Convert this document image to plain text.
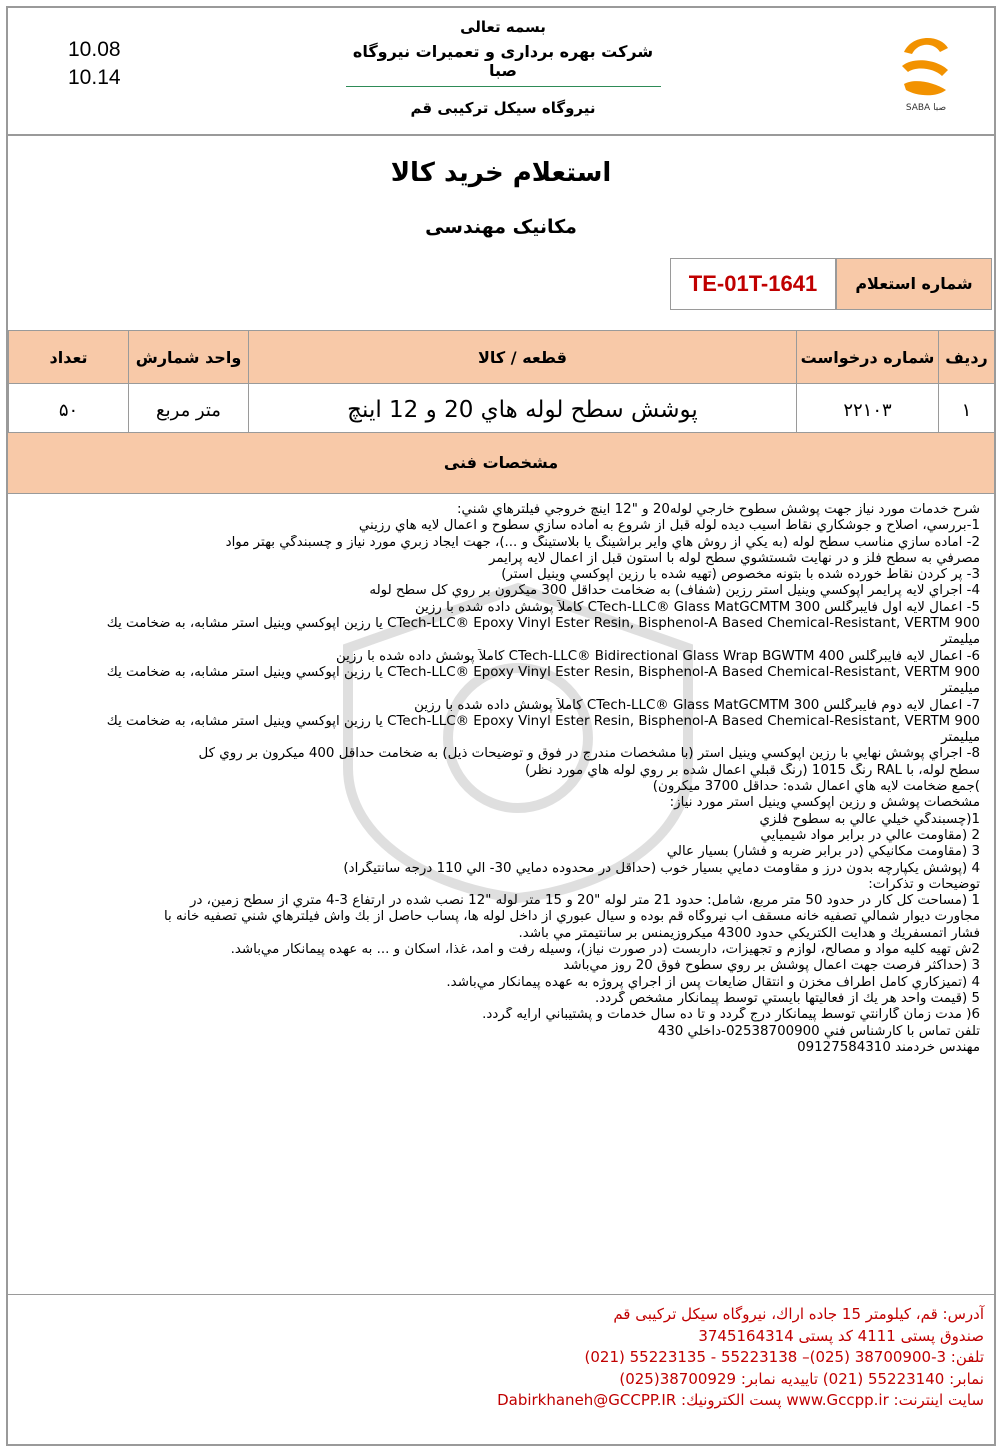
10.08
10.14
بسمه تعالی
شرکت بهره برداری و تعمیرات نیروگاه صبا
نیروگاه سیکل ترکیبی قم	SABA صبا
استعلام خرید کالا
مکانیک مهندسی
شماره استعلام
TE-01T-1641
ردیف	شماره درخواست	قطعه / کالا	واحد شمارش	تعداد
۱	۲۲۱۰۳	پوشش سطح لوله هاي 20 و 12 اينچ	متر مربع	۵۰
مشخصات فنی
شرح خدمات مورد نياز جهت پوشش سطوح خارجي لوله20 و "12 اينچ خروجي فيلترهاي شني:
1-بررسي، اصلاح و جوشكاري نقاط آسيب ديده لوله قبل از شروع به آماده سازي سطوح و اعمال لايه هاي رزيني
2- آماده سازي مناسب سطح لوله (به يكي از روش هاي واير براشينگ يا بلاستينگ و ...)، جهت ايجاد زبري مورد نياز و چسبندگي بهتر مواد
مصرفي به سطح فلز و در نهايت شستشوي سطح لوله با استون قبل از اعمال لايه پرايمر
3- پر كردن نقاط خورده شده با بتونه مخصوص (تهيه شده با رزين اپوكسي وينيل استر)
4- اجراي لايه پرايمر اپوكسي وينيل استر رزين (شفاف) به ضخامت حداقل 300 ميكرون بر روي كل سطح لوله
5- اعمال لايه اول فايبرگلس CTech-LLC® Glass MatGCMTM 300 كاملاً پوشش داده شده با رزين
CTech-LLC® Epoxy Vinyl Ester Resin, Bisphenol-A Based Chemical-Resistant, VERTM 900 يا رزين اپوكسي وينيل استر مشابه، به ضخامت يك
ميليمتر
6- اعمال لايه فايبرگلس CTech-LLC® Bidirectional Glass Wrap BGWTM 400 كاملاً پوشش داده شده با رزين
CTech-LLC® Epoxy Vinyl Ester Resin, Bisphenol-A Based Chemical-Resistant, VERTM 900 يا رزين اپوكسي وينيل استر مشابه، به ضخامت يك
ميليمتر
7- اعمال لايه دوم فايبرگلس CTech-LLC® Glass MatGCMTM 300 كاملاً پوشش داده شده با رزين
CTech-LLC® Epoxy Vinyl Ester Resin, Bisphenol-A Based Chemical-Resistant, VERTM 900 يا رزين اپوكسي وينيل استر مشابه، به ضخامت يك
ميليمتر
8- اجراي پوشش نهايي با رزين اپوكسي وينيل استر (با مشخصات مندرج در فوق و توضيحات ذيل) به ضخامت حداقل 400 ميكرون بر روي كل
سطح لوله، با RAL رنگ 1015 (رنگ قبلي اعمال شده بر روي لوله هاي مورد نظر)
)جمع ضخامت لايه هاي اعمال شده: حداقل 3700 ميكرون)
مشخصات پوشش و رزين اپوكسي وينيل استر مورد نياز:
1(چسبندگي خيلي عالي به سطوح فلزي
2 (مقاومت عالي در برابر مواد شيميايي
3 (مقاومت مكانيكي (در برابر ضربه و فشار) بسيار عالي
4 (پوشش يكپارچه بدون درز و مقاومت دمايي بسيار خوب (حداقل در محدوده دمايي 30- الي 110 درجه سانتيگراد)
توضيحات و تذكرات:
1 (مساحت كل كار در حدود 50 متر مربع، شامل: حدود 21 متر لوله "20 و 15 متر لوله "12 نصب شده در ارتفاع 3-4 متري از سطح زمين، در
مجاورت ديوار شمالي تصفيه خانه مسقف آب نيروگاه قم بوده و سيال عبوري از داخل لوله ها، پساب حاصل از بك واش فيلترهاي شني تصفيه خانه با
فشار اتمسفريك و هدايت الكتريكي حدود 4300 ميكروزيمنس بر سانتيمتر مي باشد.
2ش تهيه كليه مواد و مصالح، لوازم و تجهيزات، داربست (در صورت نياز)، وسيله رفت و آمد، غذا، اسكان و ... به عهده پيمانكار مي‌باشد.
3 (حداكثر فرصت جهت اعمال پوشش بر روي سطوح فوق 20 روز مي‌باشد
4 (تميزكاري كامل اطراف مخزن و انتقال ضايعات پس از اجراي پروژه به عهده پيمانكار مي‌باشد.
5 (قيمت واحد هر يك از فعاليتها بايستي توسط پيمانكار مشخص گردد.
6( مدت زمان گارانتي توسط پيمانكار درج گردد و تا ده سال خدمات و پشتيباني ارايه گردد.
تلفن تماس با كارشناس فني 02538700900-داخلي 430
مهندس خردمند 09127584310
آدرس: قم، کیلومتر 15 جاده اراك، نیروگاه سیکل ترکیبی قم
صندوق پستی 4111 کد پستی 3745164314
تلفن: 3-38700900 (025)– 55223138 - 55223135 (021)
نمابر: 55223140 (021) تاییدیه نمابر: 38700929(025)
سایت اینترنت: www.Gccpp.ir پست الکترونیك: Dabirkhaneh@GCCPP.IR
